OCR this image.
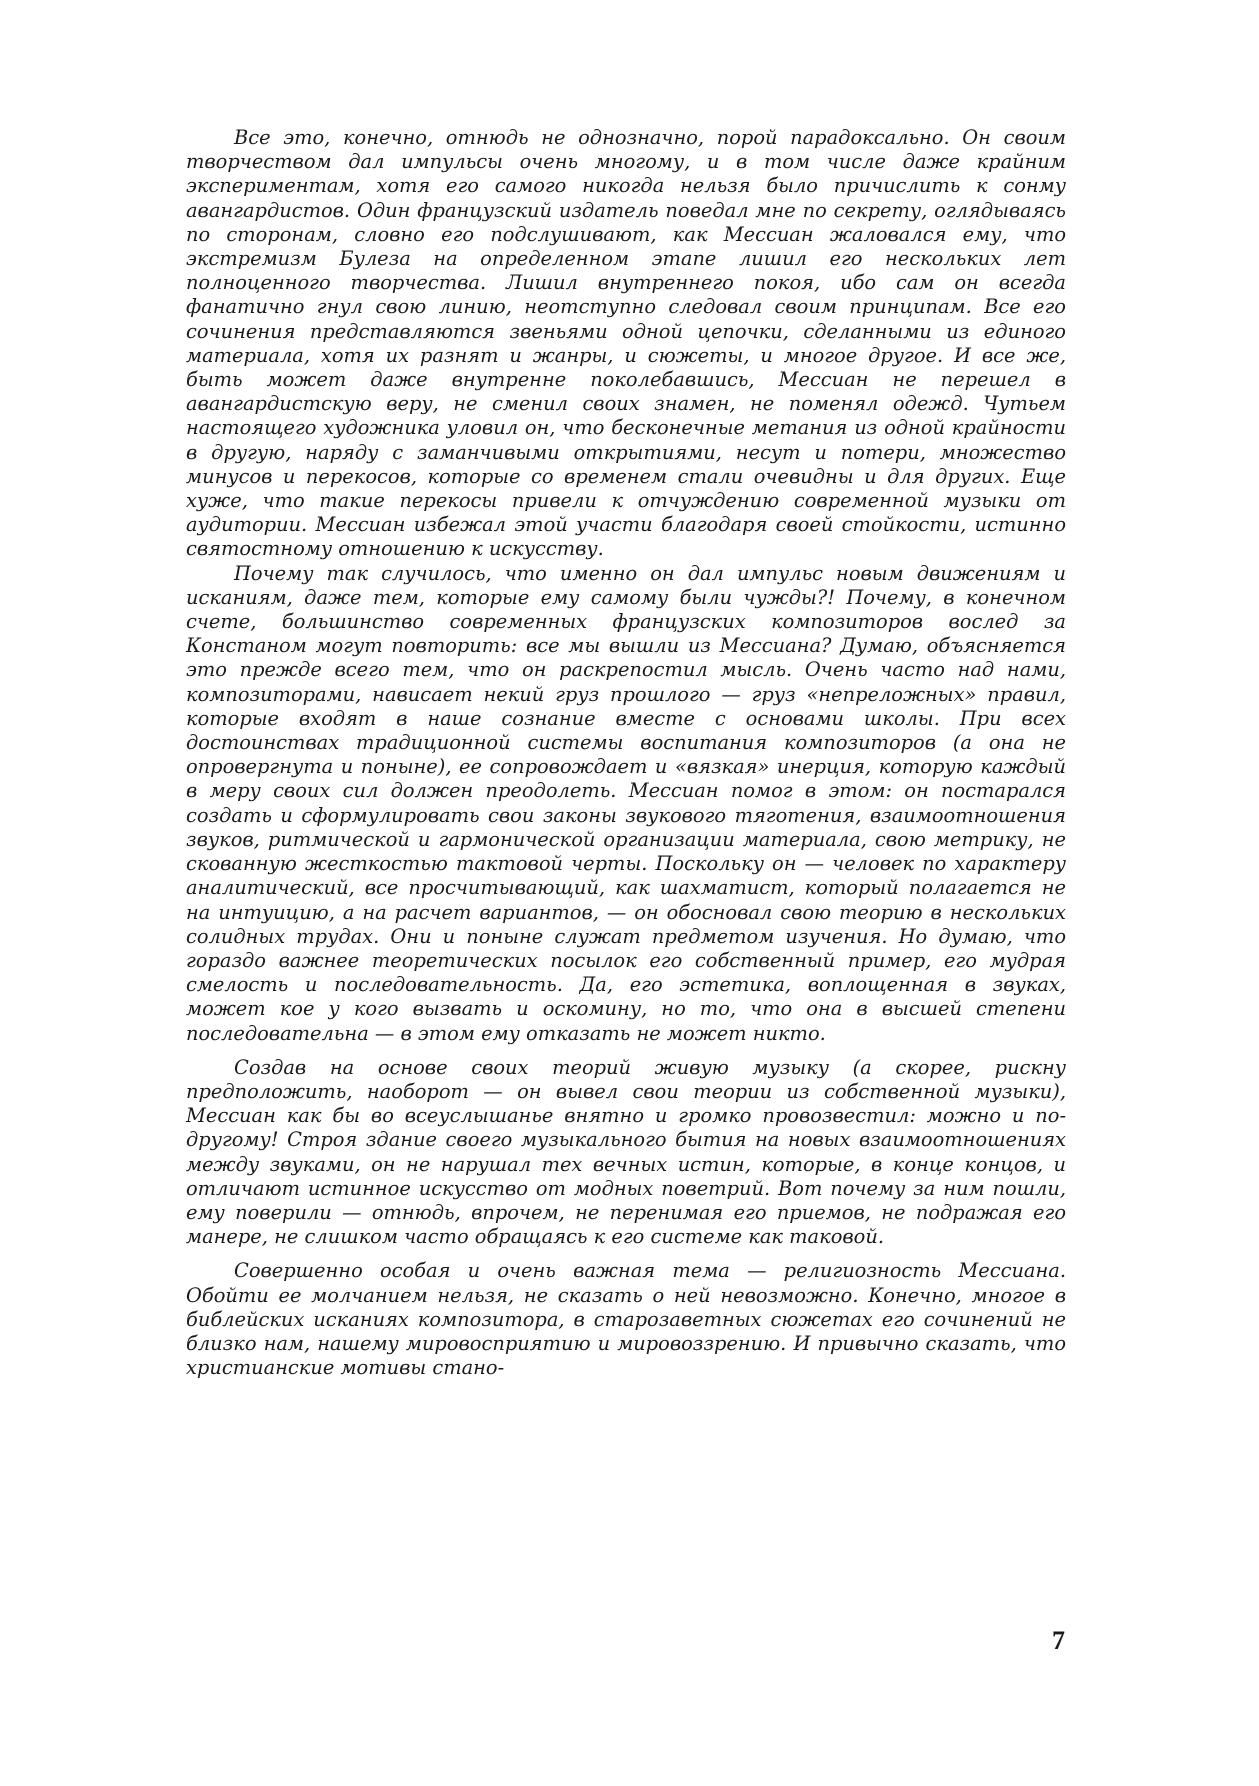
Все это, конечно, отнюдь не однозначно, порой парадоксально. Он своим творчеством дал импульсы очень многому, и в том числе даже крайним экспериментам, хотя его самого никогда нельзя было причислить к сонму авангардистов. Один французский издатель поведал мне по секрету, оглядываясь по сторонам, словно его подслушивают, как Мессиан жаловался ему, что экстремизм Булеза на определенном этапе лишил его нескольких лет полноценного творчества. Лишил внутреннего покоя, ибо сам он всегда фанатично гнул свою линию, неотступно следовал своим принципам. Все его сочинения представляются звеньями одной цепочки, сделанными из единого материала, хотя их разнят и жанры, и сюжеты, и многое другое. И все же, быть может даже внутренне поколебавшись, Мессиан не перешел в авангардистскую веру, не сменил своих знамен, не поменял одежд. Чутьем настоящего художника уловил он, что бесконечные метания из одной крайности в другую, наряду с заманчивыми открытиями, несут и потери, множество минусов и перекосов, которые со временем стали очевидны и для других. Еще хуже, что такие перекосы привели к отчуждению современной музыки от аудитории. Мессиан избежал этой участи благодаря своей стойкости, истинно святостному отношению к искусству.

Почему так случилось, что именно он дал импульс новым движениям и исканиям, даже тем, которые ему самому были чужды?! Почему, в конечном счете, большинство современных французских композиторов вослед за Констаном могут повторить: все мы вышли из Мессиана? Думаю, объясняется это прежде всего тем, что он раскрепостил мысль. Очень часто над нами, композиторами, нависает некий груз прошлого — груз «непреложных» правил, которые входят в наше сознание вместе с основами школы. При всех достоинствах традиционной системы воспитания композиторов (а она не опровергнута и поныне), ее сопровождает и «вязкая» инерция, которую каждый в меру своих сил должен преодолеть. Мессиан помог в этом: он постарался создать и сформулировать свои законы звукового тяготения, взаимоотношения звуков, ритмической и гармонической организации материала, свою метрику, не скованную жесткостью тактовой черты. Поскольку он — человек по характеру аналитический, все просчитывающий, как шахматист, который полагается не на интуицию, а на расчет вариантов, — он обосновал свою теорию в нескольких солидных трудах. Они и поныне служат предметом изучения. Но думаю, что гораздо важнее теоретических посылок его собственный пример, его мудрая смелость и последовательность. Да, его эстетика, воплощенная в звуках, может кое у кого вызвать и оскомину, но то, что она в высшей степени последовательна — в этом ему отказать не может никто.

Создав на основе своих теорий живую музыку (а скорее, рискну предположить, наоборот — он вывел свои теории из собственной музыки), Мессиан как бы во всеуслышанье внятно и громко провозвестил: можно и по-другому! Строя здание своего музыкального бытия на новых взаимоотношениях между звуками, он не нарушал тех вечных истин, которые, в конце концов, и отличают истинное искусство от модных поветрий. Вот почему за ним пошли, ему поверили — отнюдь, впрочем, не перенимая его приемов, не подражая его манере, не слишком часто обращаясь к его системе как таковой.

Совершенно особая и очень важная тема — религиозность Мессиана. Обойти ее молчанием нельзя, не сказать о ней невозможно. Конечно, многое в библейских исканиях композитора, в старозаветных сюжетах его сочинений не близко нам, нашему мировосприятию и мировоззрению. И привычно сказать, что христианские мотивы стано-

7
